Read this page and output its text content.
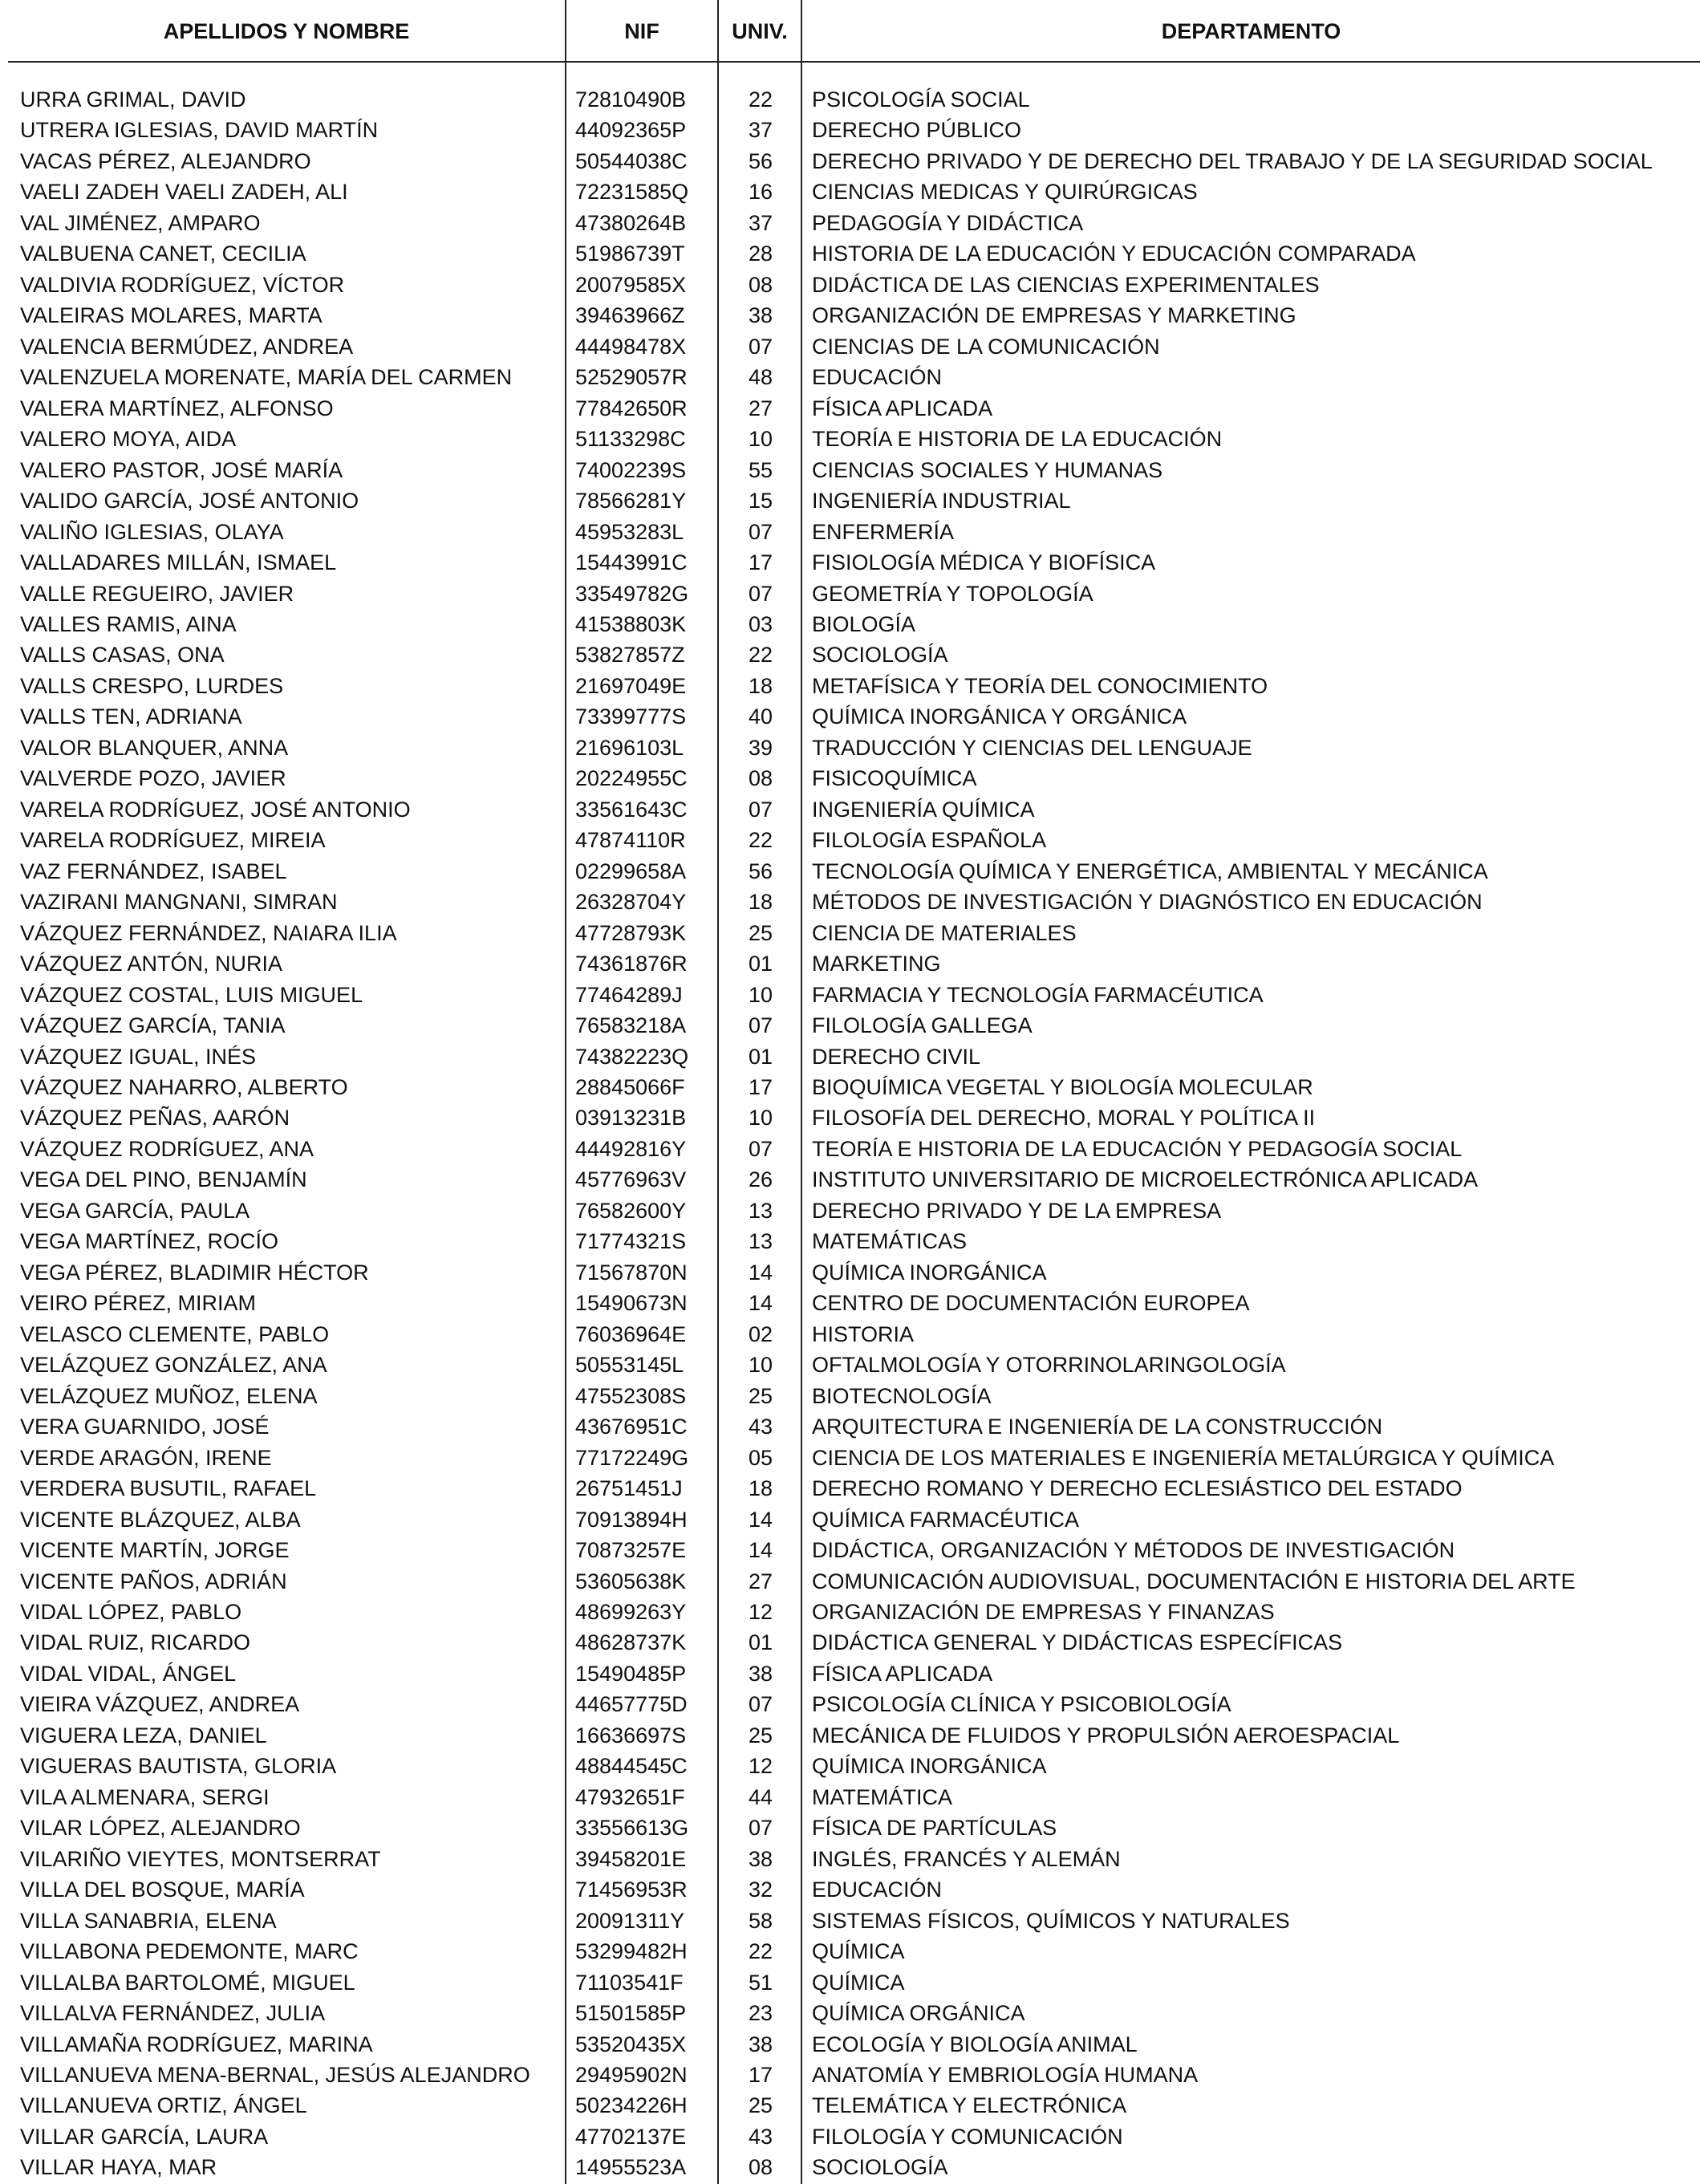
APELLIDOS Y NOMBRE	NIF	UNIV.	DEPARTAMENTO
URRA GRIMAL, DAVID	72810490B	22	PSICOLOGÍA SOCIAL
UTRERA IGLESIAS, DAVID MARTÍN	44092365P	37	DERECHO PÚBLICO
VACAS PÉREZ, ALEJANDRO	50544038C	56	DERECHO PRIVADO Y DE DERECHO DEL TRABAJO Y DE LA SEGURIDAD SOCIAL
VAELI ZADEH VAELI ZADEH, ALI	72231585Q	16	CIENCIAS MEDICAS Y QUIRÚRGICAS
VAL JIMÉNEZ, AMPARO	47380264B	37	PEDAGOGÍA Y DIDÁCTICA
VALBUENA CANET, CECILIA	51986739T	28	HISTORIA DE LA EDUCACIÓN Y EDUCACIÓN COMPARADA
VALDIVIA RODRÍGUEZ, VÍCTOR	20079585X	08	DIDÁCTICA DE LAS CIENCIAS EXPERIMENTALES
VALEIRAS MOLARES, MARTA	39463966Z	38	ORGANIZACIÓN DE EMPRESAS Y MARKETING
VALENCIA BERMÚDEZ, ANDREA	44498478X	07	CIENCIAS DE LA COMUNICACIÓN
VALENZUELA MORENATE, MARÍA DEL CARMEN	52529057R	48	EDUCACIÓN
VALERA MARTÍNEZ, ALFONSO	77842650R	27	FÍSICA APLICADA
VALERO MOYA, AIDA	51133298C	10	TEORÍA E HISTORIA DE LA EDUCACIÓN
VALERO PASTOR, JOSÉ MARÍA	74002239S	55	CIENCIAS SOCIALES Y HUMANAS
VALIDO GARCÍA, JOSÉ ANTONIO	78566281Y	15	INGENIERÍA INDUSTRIAL
VALIÑO IGLESIAS, OLAYA	45953283L	07	ENFERMERÍA
VALLADARES MILLÁN, ISMAEL	15443991C	17	FISIOLOGÍA MÉDICA Y BIOFÍSICA
VALLE REGUEIRO, JAVIER	33549782G	07	GEOMETRÍA Y TOPOLOGÍA
VALLES RAMIS, AINA	41538803K	03	BIOLOGÍA
VALLS CASAS, ONA	53827857Z	22	SOCIOLOGÍA
VALLS CRESPO, LURDES	21697049E	18	METAFÍSICA Y TEORÍA DEL CONOCIMIENTO
VALLS TEN, ADRIANA	73399777S	40	QUÍMICA INORGÁNICA Y ORGÁNICA
VALOR BLANQUER, ANNA	21696103L	39	TRADUCCIÓN Y CIENCIAS DEL LENGUAJE
VALVERDE POZO, JAVIER	20224955C	08	FISICOQUÍMICA
VARELA RODRÍGUEZ, JOSÉ ANTONIO	33561643C	07	INGENIERÍA QUÍMICA
VARELA RODRÍGUEZ, MIREIA	47874110R	22	FILOLOGÍA ESPAÑOLA
VAZ FERNÁNDEZ, ISABEL	02299658A	56	TECNOLOGÍA QUÍMICA Y ENERGÉTICA, AMBIENTAL Y MECÁNICA
VAZIRANI MANGNANI, SIMRAN	26328704Y	18	MÉTODOS DE INVESTIGACIÓN Y DIAGNÓSTICO EN EDUCACIÓN
VÁZQUEZ FERNÁNDEZ, NAIARA ILIA	47728793K	25	CIENCIA DE MATERIALES
VÁZQUEZ ANTÓN, NURIA	74361876R	01	MARKETING
VÁZQUEZ COSTAL, LUIS MIGUEL	77464289J	10	FARMACIA Y TECNOLOGÍA FARMACÉUTICA
VÁZQUEZ GARCÍA, TANIA	76583218A	07	FILOLOGÍA GALLEGA
VÁZQUEZ IGUAL, INÉS	74382223Q	01	DERECHO CIVIL
VÁZQUEZ NAHARRO, ALBERTO	28845066F	17	BIOQUÍMICA VEGETAL Y BIOLOGÍA MOLECULAR
VÁZQUEZ PEÑAS, AARÓN	03913231B	10	FILOSOFÍA DEL DERECHO, MORAL Y POLÍTICA II
VÁZQUEZ RODRÍGUEZ, ANA	44492816Y	07	TEORÍA E HISTORIA DE LA EDUCACIÓN Y PEDAGOGÍA SOCIAL
VEGA DEL PINO, BENJAMÍN	45776963V	26	INSTITUTO UNIVERSITARIO DE MICROELECTRÓNICA APLICADA
VEGA GARCÍA, PAULA	76582600Y	13	DERECHO PRIVADO Y DE LA EMPRESA
VEGA MARTÍNEZ, ROCÍO	71774321S	13	MATEMÁTICAS
VEGA PÉREZ, BLADIMIR HÉCTOR	71567870N	14	QUÍMICA INORGÁNICA
VEIRO PÉREZ, MIRIAM	15490673N	14	CENTRO DE DOCUMENTACIÓN EUROPEA
VELASCO CLEMENTE, PABLO	76036964E	02	HISTORIA
VELÁZQUEZ GONZÁLEZ, ANA	50553145L	10	OFTALMOLOGÍA Y OTORRINOLARINGOLOGÍA
VELÁZQUEZ MUÑOZ, ELENA	47552308S	25	BIOTECNOLOGÍA
VERA GUARNIDO, JOSÉ	43676951C	43	ARQUITECTURA E INGENIERÍA DE LA CONSTRUCCIÓN
VERDE ARAGÓN, IRENE	77172249G	05	CIENCIA DE LOS MATERIALES E INGENIERÍA METALÚRGICA Y QUÍMICA
VERDERA BUSUTIL, RAFAEL	26751451J	18	DERECHO ROMANO Y DERECHO ECLESIÁSTICO DEL ESTADO
VICENTE BLÁZQUEZ, ALBA	70913894H	14	QUÍMICA FARMACÉUTICA
VICENTE MARTÍN, JORGE	70873257E	14	DIDÁCTICA, ORGANIZACIÓN Y MÉTODOS DE INVESTIGACIÓN
VICENTE PAÑOS, ADRIÁN	53605638K	27	COMUNICACIÓN AUDIOVISUAL, DOCUMENTACIÓN E HISTORIA DEL ARTE
VIDAL LÓPEZ, PABLO	48699263Y	12	ORGANIZACIÓN DE EMPRESAS Y FINANZAS
VIDAL RUIZ, RICARDO	48628737K	01	DIDÁCTICA GENERAL Y DIDÁCTICAS ESPECÍFICAS
VIDAL VIDAL, ÁNGEL	15490485P	38	FÍSICA APLICADA
VIEIRA VÁZQUEZ, ANDREA	44657775D	07	PSICOLOGÍA CLÍNICA Y PSICOBIOLOGÍA
VIGUERA LEZA, DANIEL	16636697S	25	MECÁNICA DE FLUIDOS Y PROPULSIÓN AEROESPACIAL
VIGUERAS BAUTISTA, GLORIA	48844545C	12	QUÍMICA INORGÁNICA
VILA ALMENARA, SERGI	47932651F	44	MATEMÁTICA
VILAR LÓPEZ, ALEJANDRO	33556613G	07	FÍSICA DE PARTÍCULAS
VILARIÑO VIEYTES, MONTSERRAT	39458201E	38	INGLÉS, FRANCÉS Y ALEMÁN
VILLA DEL BOSQUE, MARÍA	71456953R	32	EDUCACIÓN
VILLA SANABRIA, ELENA	20091311Y	58	SISTEMAS FÍSICOS, QUÍMICOS Y NATURALES
VILLABONA PEDEMONTE, MARC	53299482H	22	QUÍMICA
VILLALBA BARTOLOMÉ, MIGUEL	71103541F	51	QUÍMICA
VILLALVA FERNÁNDEZ, JULIA	51501585P	23	QUÍMICA ORGÁNICA
VILLAMAÑA RODRÍGUEZ, MARINA	53520435X	38	ECOLOGÍA Y BIOLOGÍA ANIMAL
VILLANUEVA MENA-BERNAL, JESÚS ALEJANDRO 29495902N	17	ANATOMÍA Y EMBRIOLOGÍA HUMANA
VILLANUEVA ORTIZ, ÁNGEL	50234226H	25	TELEMÁTICA Y ELECTRÓNICA
VILLAR GARCÍA, LAURA	47702137E	43	FILOLOGÍA Y COMUNICACIÓN
VILLAR HAYA, MAR	14955523A	08	SOCIOLOGÍA
